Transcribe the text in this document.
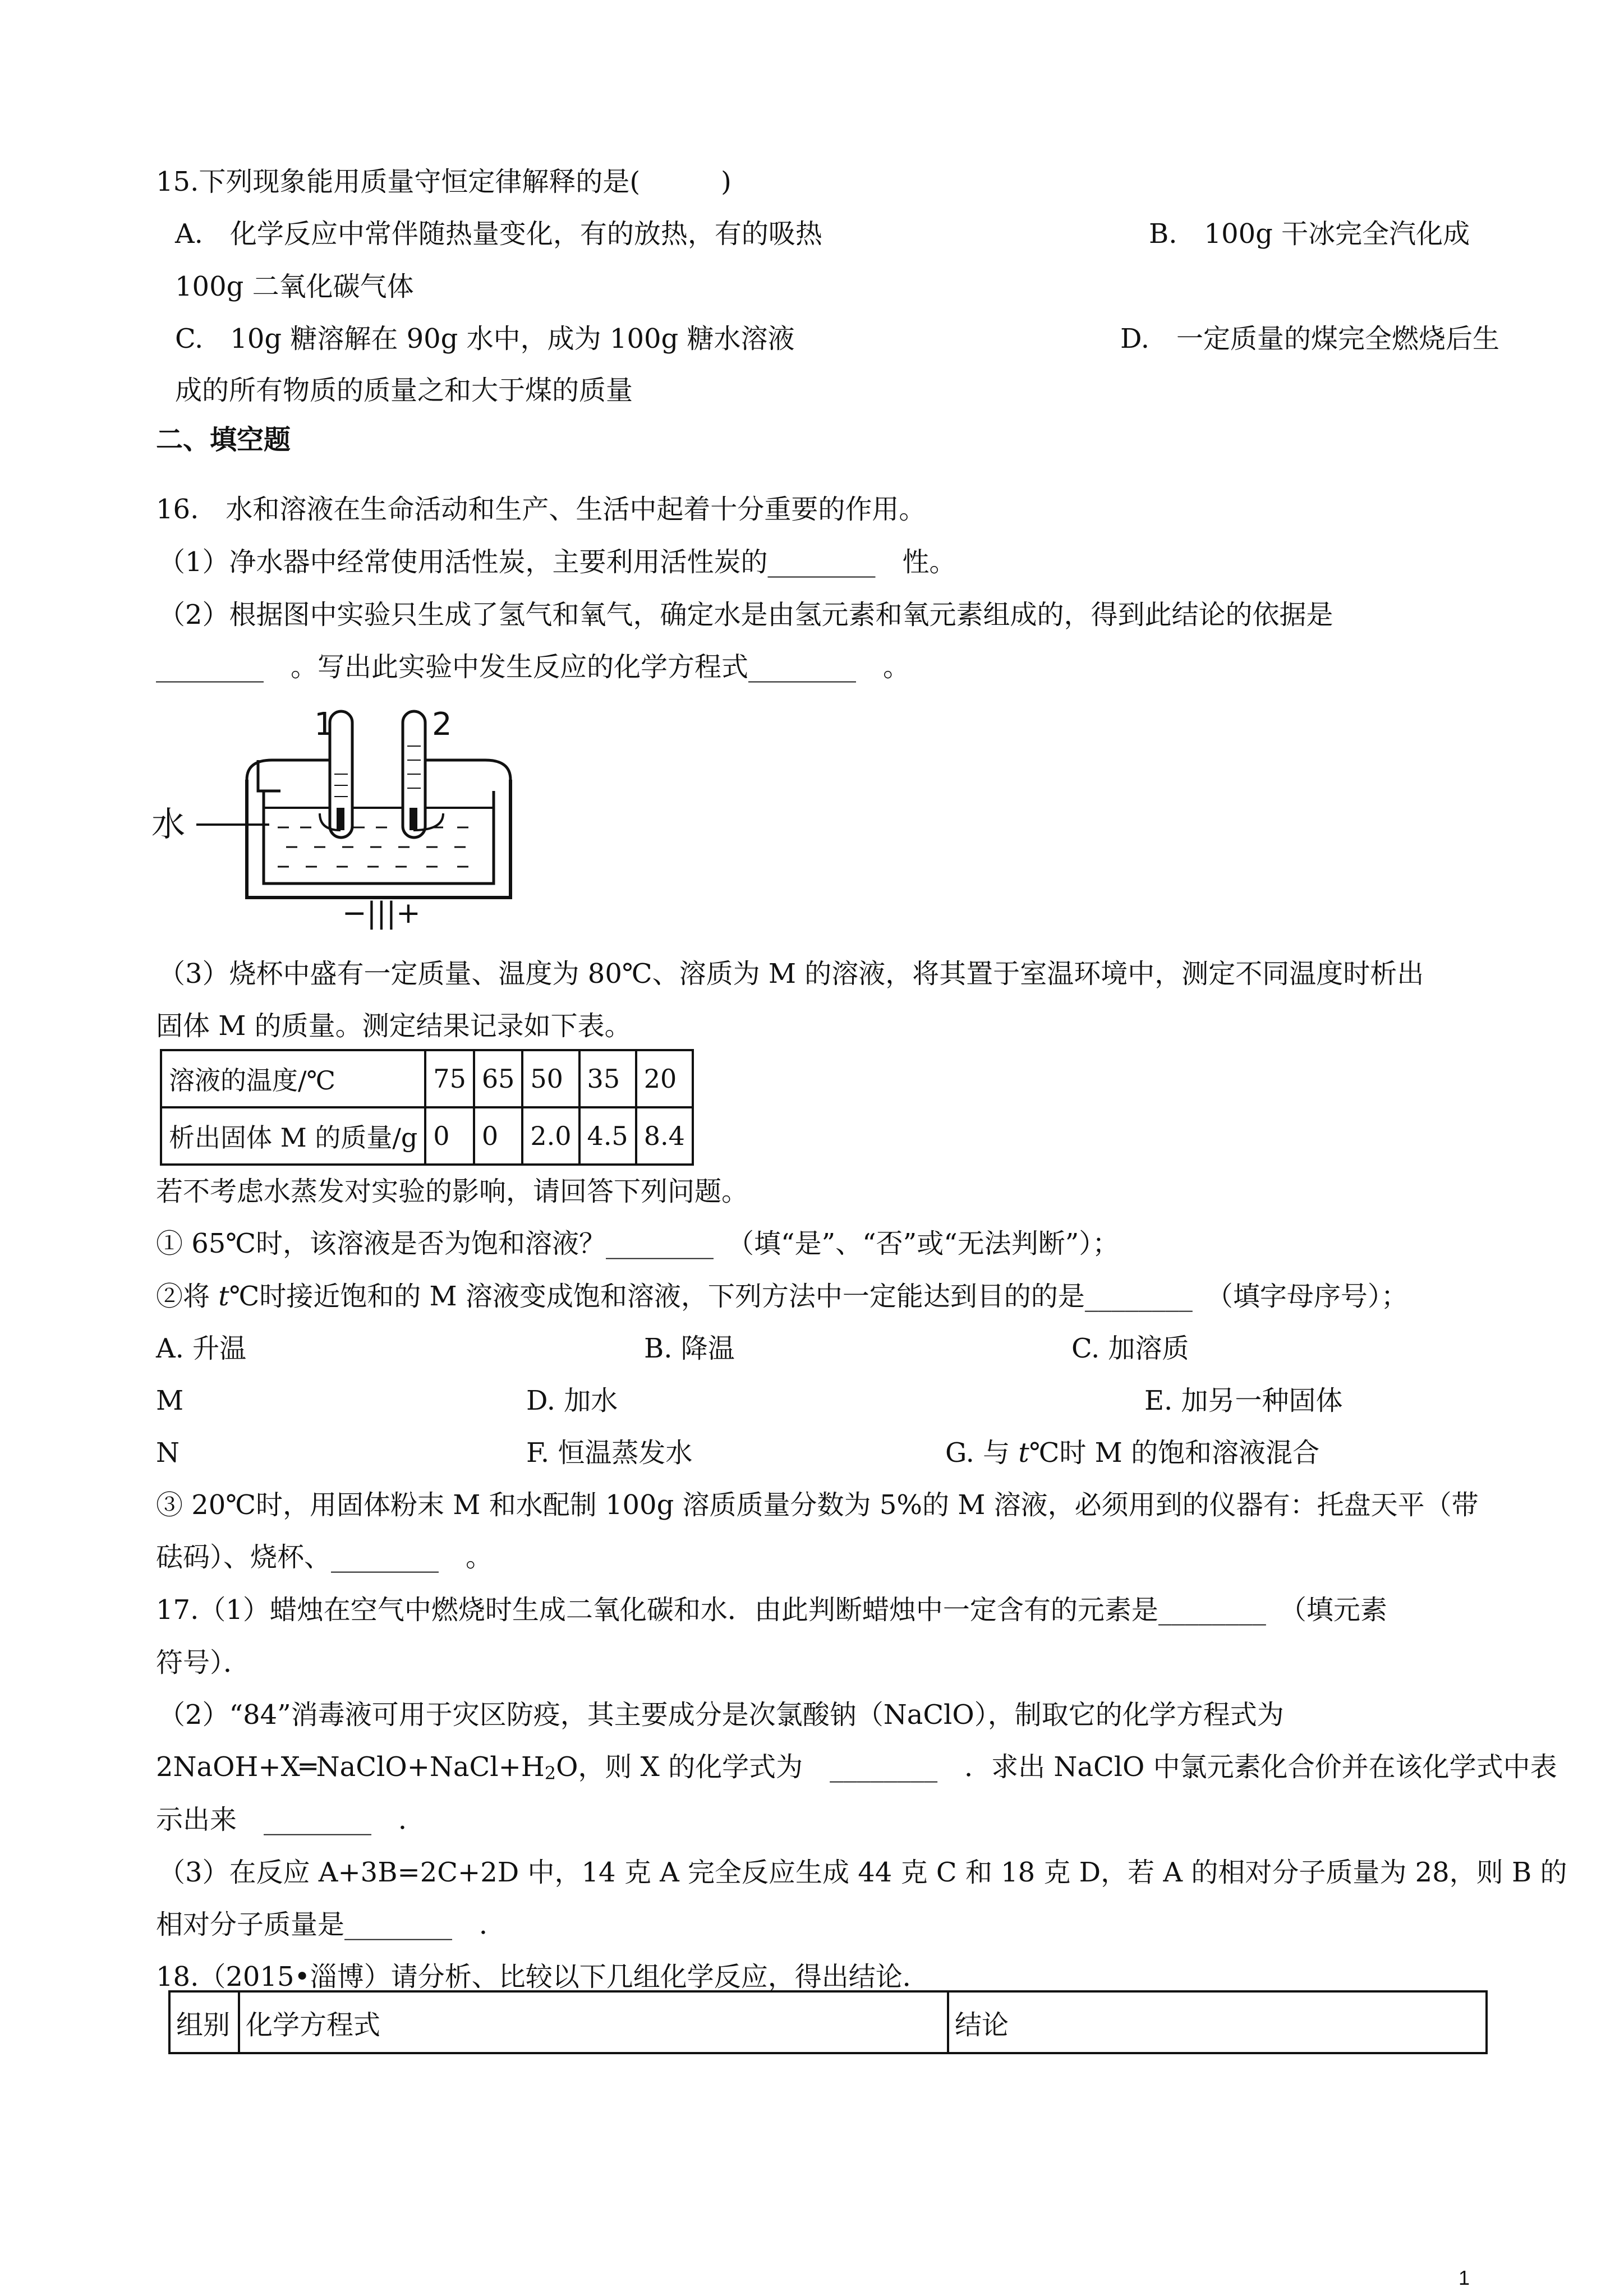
15.下列现象能用质量守恒定律解释的是(　　　)
A.　化学反应中常伴随热量变化，有的放热，有的吸热	B.　100g 干冰完全汽化成
100g 二氧化碳气体
C.　10g 糖溶解在 90g 水中，成为 100g 糖水溶液	D.　一定质量的煤完全燃烧后生
成的所有物质的质量之和大于煤的质量
二、填空题
16.　水和溶液在生命活动和生产、生活中起着十分重要的作用。
（1）净水器中经常使用活性炭，主要利用活性炭的________　性。
（2）根据图中实验只生成了氢气和氧气，确定水是由氢元素和氧元素组成的，得到此结论的依据是
________　。写出此实验中发生反应的化学方程式________　。
水
1	2
−|||+
（3）烧杯中盛有一定质量、温度为 80℃、溶质为 M 的溶液，将其置于室温环境中，测定不同温度时析出
固体 M 的质量。测定结果记录如下表。
溶液的温度/℃	75	65	50	35	20
析出固体 M 的质量/g	0	0	2.0	4.5	8.4
若不考虑水蒸发对实验的影响，请回答下列问题。
① 65℃时，该溶液是否为饱和溶液？________　（填“是”、“否”或“无法判断”）；
②将 t℃时接近饱和的 M 溶液变成饱和溶液，下列方法中一定能达到目的的是________　（填字母序号）；
A. 升温	B. 降温	C. 加溶质
M	D. 加水	E. 加另一种固体
N	F. 恒温蒸发水	G. 与 t℃时 M 的饱和溶液混合
③ 20℃时，用固体粉末 M 和水配制 100g 溶质质量分数为 5%的 M 溶液，必须用到的仪器有：托盘天平（带
砝码）、烧杯、________　。
17.（1）蜡烛在空气中燃烧时生成二氧化碳和水．由此判断蜡烛中一定含有的元素是________　（填元素
符号）．
（2）“84”消毒液可用于灾区防疫，其主要成分是次氯酸钠（NaClO），制取它的化学方程式为
$2NaOH+X═NaClO+NaCl+H_2O$，则 X 的化学式为　________　．求出 NaClO 中氯元素化合价并在该化学式中表
示出来　________　．
（3）在反应 A+3B=2C+2D 中，14 克 A 完全反应生成 44 克 C 和 18 克 D，若 A 的相对分子质量为 28，则 B 的
相对分子质量是________　．
18.（2015•淄博）请分析、比较以下几组化学反应，得出结论．
组别	化学方程式	结论
1
